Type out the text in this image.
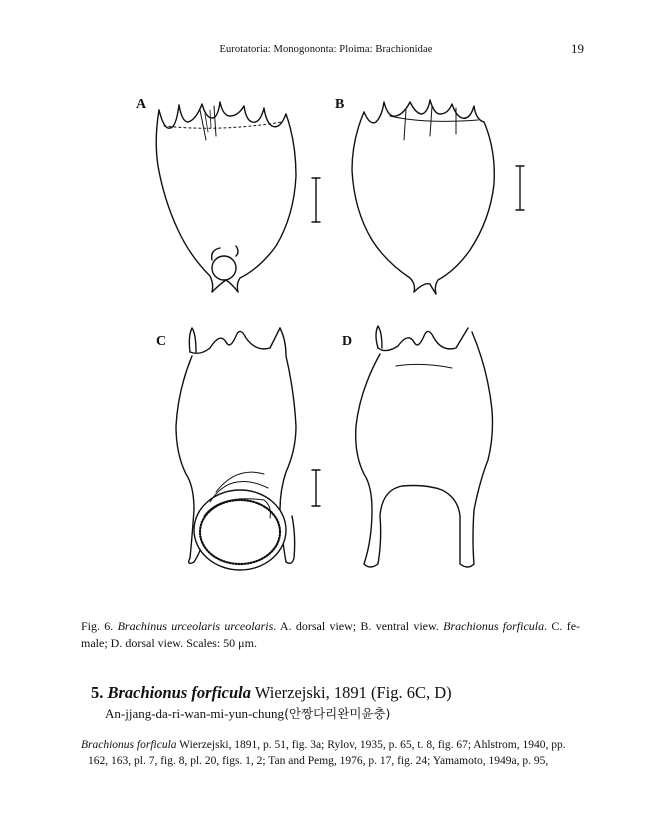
Eurotatoria: Monogononta: Ploima: Brachionidae	19
A	B
C	D
Fig. 6. Brachinus urceolaris urceolaris. A. dorsal view; B. ventral view. Brachionus forficula. C. fe- male; D. dorsal view. Scales: 50 μm.
5. Brachionus forficula Wierzejski, 1891 (Fig. 6C, D)
An-jjang-da-ri-wan-mi-yun-chung(안짱다리완미윤충)
Brachionus forficula Wierzejski, 1891, p. 51, fig. 3a; Rylov, 1935, p. 65, t. 8, fig. 67; Ahlstrom, 1940, pp.
162, 163, pl. 7, fig. 8, pl. 20, figs. 1, 2; Tan and Pemg, 1976, p. 17, fig. 24; Yamamoto, 1949a, p. 95,
